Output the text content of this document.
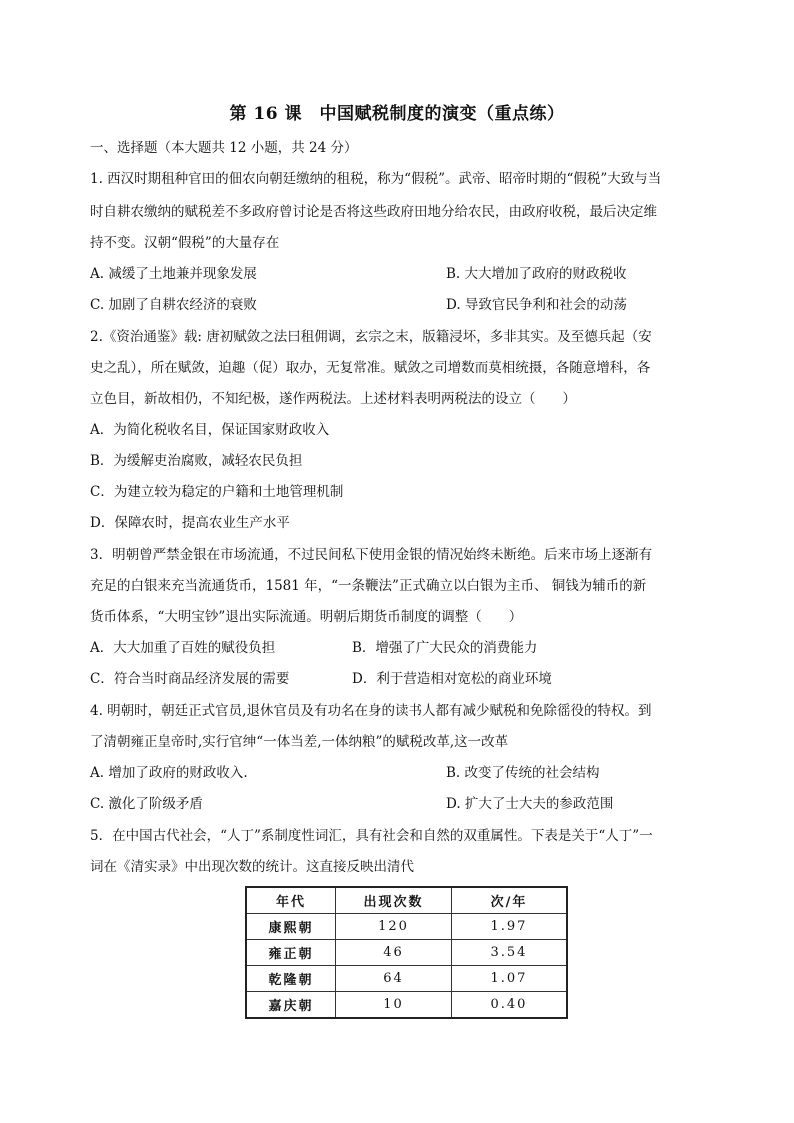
第 16 课　中国赋税制度的演变（重点练）
一、选择题（本大题共 12 小题，共 24 分）
1. 西汉时期租种官田的佃农向朝廷缴纳的租税，称为“假税”。武帝、昭帝时期的“假税”大致与当
时自耕农缴纳的赋税差不多政府曾讨论是否将这些政府田地分给农民，由政府收税，最后决定维
持不变。汉朝“假税”的大量存在
A. 减缓了土地兼并现象发展	B. 大大增加了政府的财政税收
C. 加剧了自耕农经济的衰败	D. 导致官民争利和社会的动荡
2.《资治通鉴》载: 唐初赋敛之法曰租佣调，玄宗之末，版籍浸坏，多非其实。及至德兵起（安
史之乱），所在赋敛，迫趣（促）取办，无复常准。赋敛之司增数而莫相统摄，各随意增科，各
立色目，新故相仍，不知纪极，遂作两税法。上述材料表明两税法的设立（　　）
A．为简化税收名目，保证国家财政收入
B．为缓解吏治腐败，减轻农民负担
C．为建立较为稳定的户籍和土地管理机制
D．保障农时，提高农业生产水平
3．明朝曾严禁金银在市场流通，不过民间私下使用金银的情况始终未断绝。后来市场上逐渐有
充足的白银来充当流通货币，1581 年，“一条鞭法”正式确立以白银为主币、 铜钱为辅币的新
货币体系，“大明宝钞”退出实际流通。明朝后期货币制度的调整（　　）
A．大大加重了百姓的赋役负担	B．增强了广大民众的消费能力
C．符合当时商品经济发展的需要	D．利于营造相对宽松的商业环境
4. 明朝时，朝廷正式官员,退休官员及有功名在身的读书人都有减少赋税和免除徭役的特权。到
了清朝雍正皇帝时,实行官绅“一体当差,一体纳粮”的赋税改革,这一改革
A. 增加了政府的财政收入.	B. 改变了传统的社会结构
C. 激化了阶级矛盾	D. 扩大了士大夫的参政范围
5．在中国古代社会，“人丁”系制度性词汇，具有社会和自然的双重属性。下表是关于“人丁”一
词在《清实录》中出现次数的统计。这直接反映出清代
年代	出现次数	次/年
康熙朝	120	1.97
雍正朝	46	3.54
乾隆朝	64	1.07
嘉庆朝	10	0.40
